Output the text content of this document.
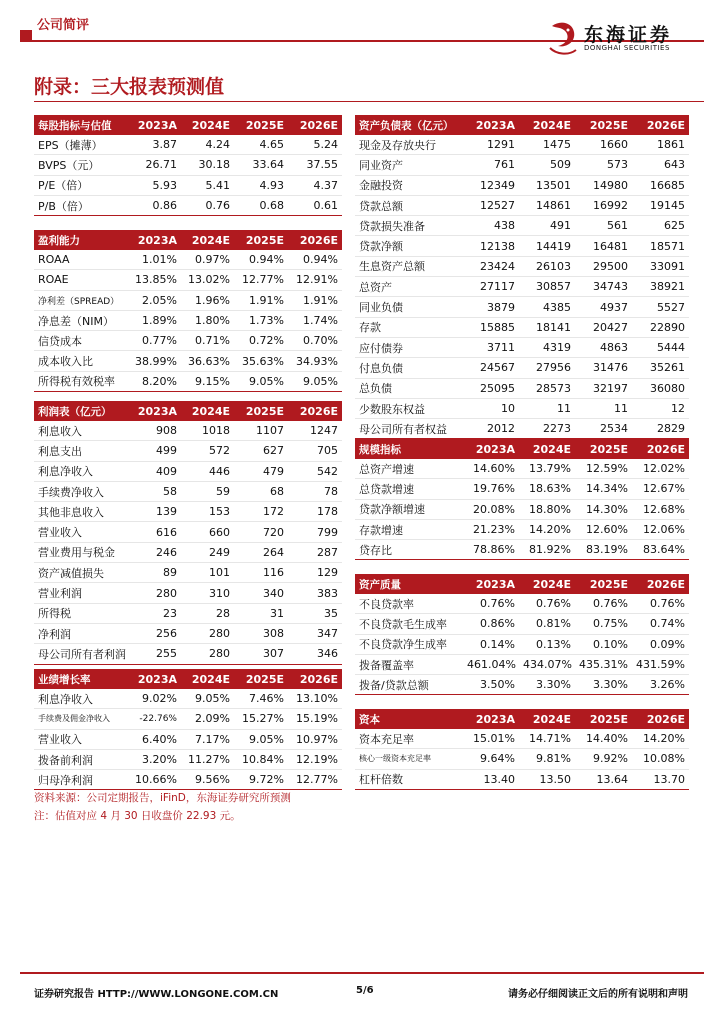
公司简评	东海证券
DONGHAI SECURITIES
附录：三大报表预测值
每股指标与估值	2023A	2024E	2025E	2026E
EPS（摊薄）	3.87	4.24	4.65	5.24
BVPS（元）	26.71	30.18	33.64	37.55
P/E（倍）	5.93	5.41	4.93	4.37
P/B（倍）	0.86	0.76	0.68	0.61
盈利能力	2023A	2024E	2025E	2026E
ROAA	1.01%	0.97%	0.94%	0.94%
ROAE	13.85%	13.02%	12.77%	12.91%
净利差（SPREAD）	2.05%	1.96%	1.91%	1.91%
净息差（NIM）	1.89%	1.80%	1.73%	1.74%
信贷成本	0.77%	0.71%	0.72%	0.70%
成本收入比	38.99%	36.63%	35.63%	34.93%
所得税有效税率	8.20%	9.15%	9.05%	9.05%
利润表（亿元）	2023A	2024E	2025E	2026E
利息收入	908	1018	1107	1247
利息支出	499	572	627	705
利息净收入	409	446	479	542
手续费净收入	58	59	68	78
其他非息收入	139	153	172	178
营业收入	616	660	720	799
营业费用与税金	246	249	264	287
资产减值损失	89	101	116	129
营业利润	280	310	340	383
所得税	23	28	31	35
净利润	256	280	308	347
母公司所有者利润	255	280	307	346
业绩增长率	2023A	2024E	2025E	2026E
利息净收入	9.02%	9.05%	7.46%	13.10%
手续费及佣金净收入	-22.76%	2.09%	15.27%	15.19%
营业收入	6.40%	7.17%	9.05%	10.97%
拨备前利润	3.20%	11.27%	10.84%	12.19%
归母净利润	10.66%	9.56%	9.72%	12.77%
资产负债表（亿元）	2023A	2024E	2025E	2026E
现金及存放央行	1291	1475	1660	1861
同业资产	761	509	573	643
金融投资	12349	13501	14980	16685
贷款总额	12527	14861	16992	19145
贷款损失准备	438	491	561	625
贷款净额	12138	14419	16481	18571
生息资产总额	23424	26103	29500	33091
总资产	27117	30857	34743	38921
同业负债	3879	4385	4937	5527
存款	15885	18141	20427	22890
应付债券	3711	4319	4863	5444
付息负债	24567	27956	31476	35261
总负债	25095	28573	32197	36080
少数股东权益	10	11	11	12
母公司所有者权益	2012	2273	2534	2829
规模指标	2023A	2024E	2025E	2026E
总资产增速	14.60%	13.79%	12.59%	12.02%
总贷款增速	19.76%	18.63%	14.34%	12.67%
贷款净额增速	20.08%	18.80%	14.30%	12.68%
存款增速	21.23%	14.20%	12.60%	12.06%
贷存比	78.86%	81.92%	83.19%	83.64%
资产质量	2023A	2024E	2025E	2026E
不良贷款率	0.76%	0.76%	0.76%	0.76%
不良贷款毛生成率	0.86%	0.81%	0.75%	0.74%
不良贷款净生成率	0.14%	0.13%	0.10%	0.09%
拨备覆盖率	461.04%	434.07%	435.31%	431.59%
拨备/贷款总额	3.50%	3.30%	3.30%	3.26%
资本	2023A	2024E	2025E	2026E
资本充足率	15.01%	14.71%	14.40%	14.20%
核心一级资本充足率	9.64%	9.81%	9.92%	10.08%
杠杆倍数	13.40	13.50	13.64	13.70
资料来源：公司定期报告，iFinD，东海证券研究所预测
注：估值对应 4 月 30 日收盘价 22.93 元。
证券研究报告 HTTP://WWW.LONGONE.COM.CN	5/6	请务必仔细阅读正文后的所有说明和声明
